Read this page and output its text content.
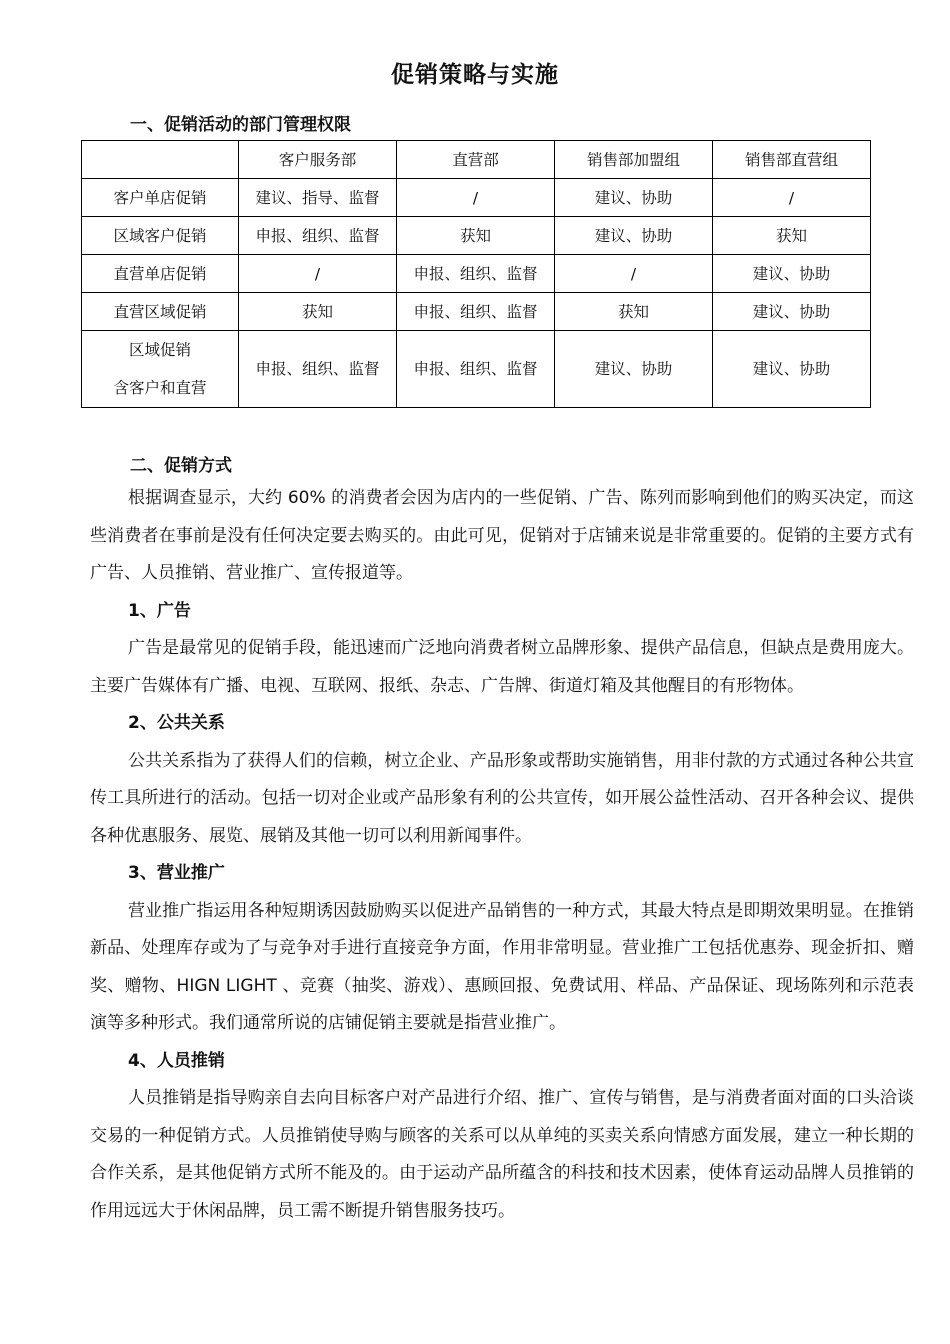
促销策略与实施
一、促销活动的部门管理权限
	客户服务部	直营部	销售部加盟组	销售部直营组
客户单店促销	建议、指导、监督	/	建议、协助	/
区域客户促销	申报、组织、监督	获知	建议、协助	获知
直营单店促销	/	申报、组织、监督	/	建议、协助
直营区域促销	获知	申报、组织、监督	获知	建议、协助

区域促销
含客户和直营	申报、组织、监督	申报、组织、监督	建议、协助	建议、协助
二、促销方式

根据调查显示，大约 60% 的消费者会因为店内的一些促销、广告、陈列而影响到他们的购买决定，而这些消费者在事前是没有任何决定要去购买的。由此可见，促销对于店铺来说是非常重要的。促销的主要方式有广告、人员推销、营业推广、宣传报道等。

1、广告

广告是最常见的促销手段，能迅速而广泛地向消费者树立品牌形象、提供产品信息，但缺点是费用庞大。主要广告媒体有广播、电视、互联网、报纸、杂志、广告牌、街道灯箱及其他醒目的有形物体。

2、公共关系

公共关系指为了获得人们的信赖，树立企业、产品形象或帮助实施销售，用非付款的方式通过各种公共宣传工具所进行的活动。包括一切对企业或产品形象有利的公共宣传，如开展公益性活动、召开各种会议、提供各种优惠服务、展览、展销及其他一切可以利用新闻事件。

3、营业推广

营业推广指运用各种短期诱因鼓励购买以促进产品销售的一种方式，其最大特点是即期效果明显。在推销新品、处理库存或为了与竞争对手进行直接竞争方面，作用非常明显。营业推广工包括优惠券、现金折扣、赠奖、赠物、HIGN LIGHT 、竞赛（抽奖、游戏）、惠顾回报、免费试用、样品、产品保证、现场陈列和示范表演等多种形式。我们通常所说的店铺促销主要就是指营业推广。

4、人员推销

人员推销是指导购亲自去向目标客户对产品进行介绍、推广、宣传与销售，是与消费者面对面的口头洽谈交易的一种促销方式。人员推销使导购与顾客的关系可以从单纯的买卖关系向情感方面发展，建立一种长期的合作关系，是其他促销方式所不能及的。由于运动产品所蕴含的科技和技术因素，使体育运动品牌人员推销的作用远远大于休闲品牌，员工需不断提升销售服务技巧。
